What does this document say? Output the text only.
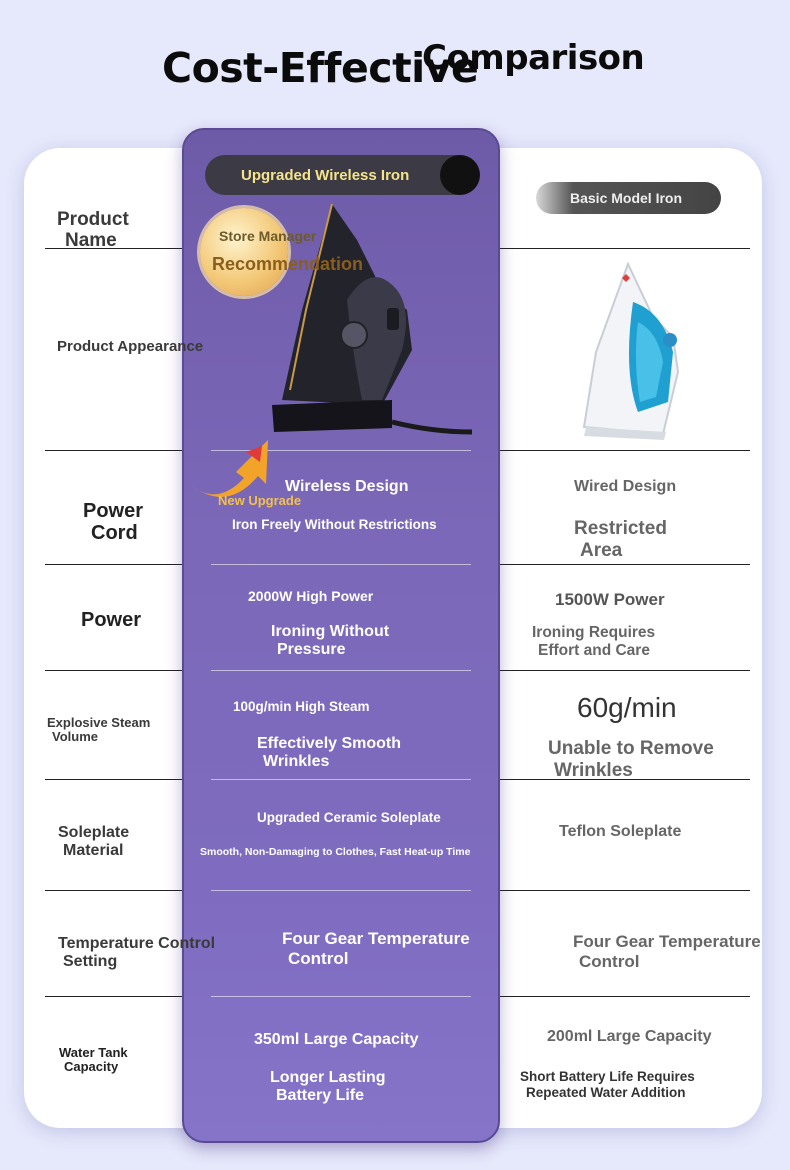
Cost-Effective
Comparison
Upgraded Wireless Iron
Basic Model Iron
Product
Name
Product Appearance
Power
Cord
Power
Explosive Steam
Volume
Soleplate
Material
Temperature Control
Setting
Water Tank
Capacity
Store Manager
Recommendation
New Upgrade
Wireless Design
Iron Freely Without Restrictions
Wired Design
Restricted
Area
2000W High Power
Ironing Without
Pressure
1500W Power
Ironing Requires
Effort and Care
100g/min High Steam
Effectively Smooth
Wrinkles
60g/min
Unable to Remove
Wrinkles
Upgraded Ceramic Soleplate
Smooth, Non-Damaging to Clothes, Fast Heat-up Time
Teflon Soleplate
Four Gear Temperature
Control
Four Gear Temperature
Control
350ml Large Capacity
Longer Lasting
Battery Life
200ml Large Capacity
Short Battery Life Requires
Repeated Water Addition
